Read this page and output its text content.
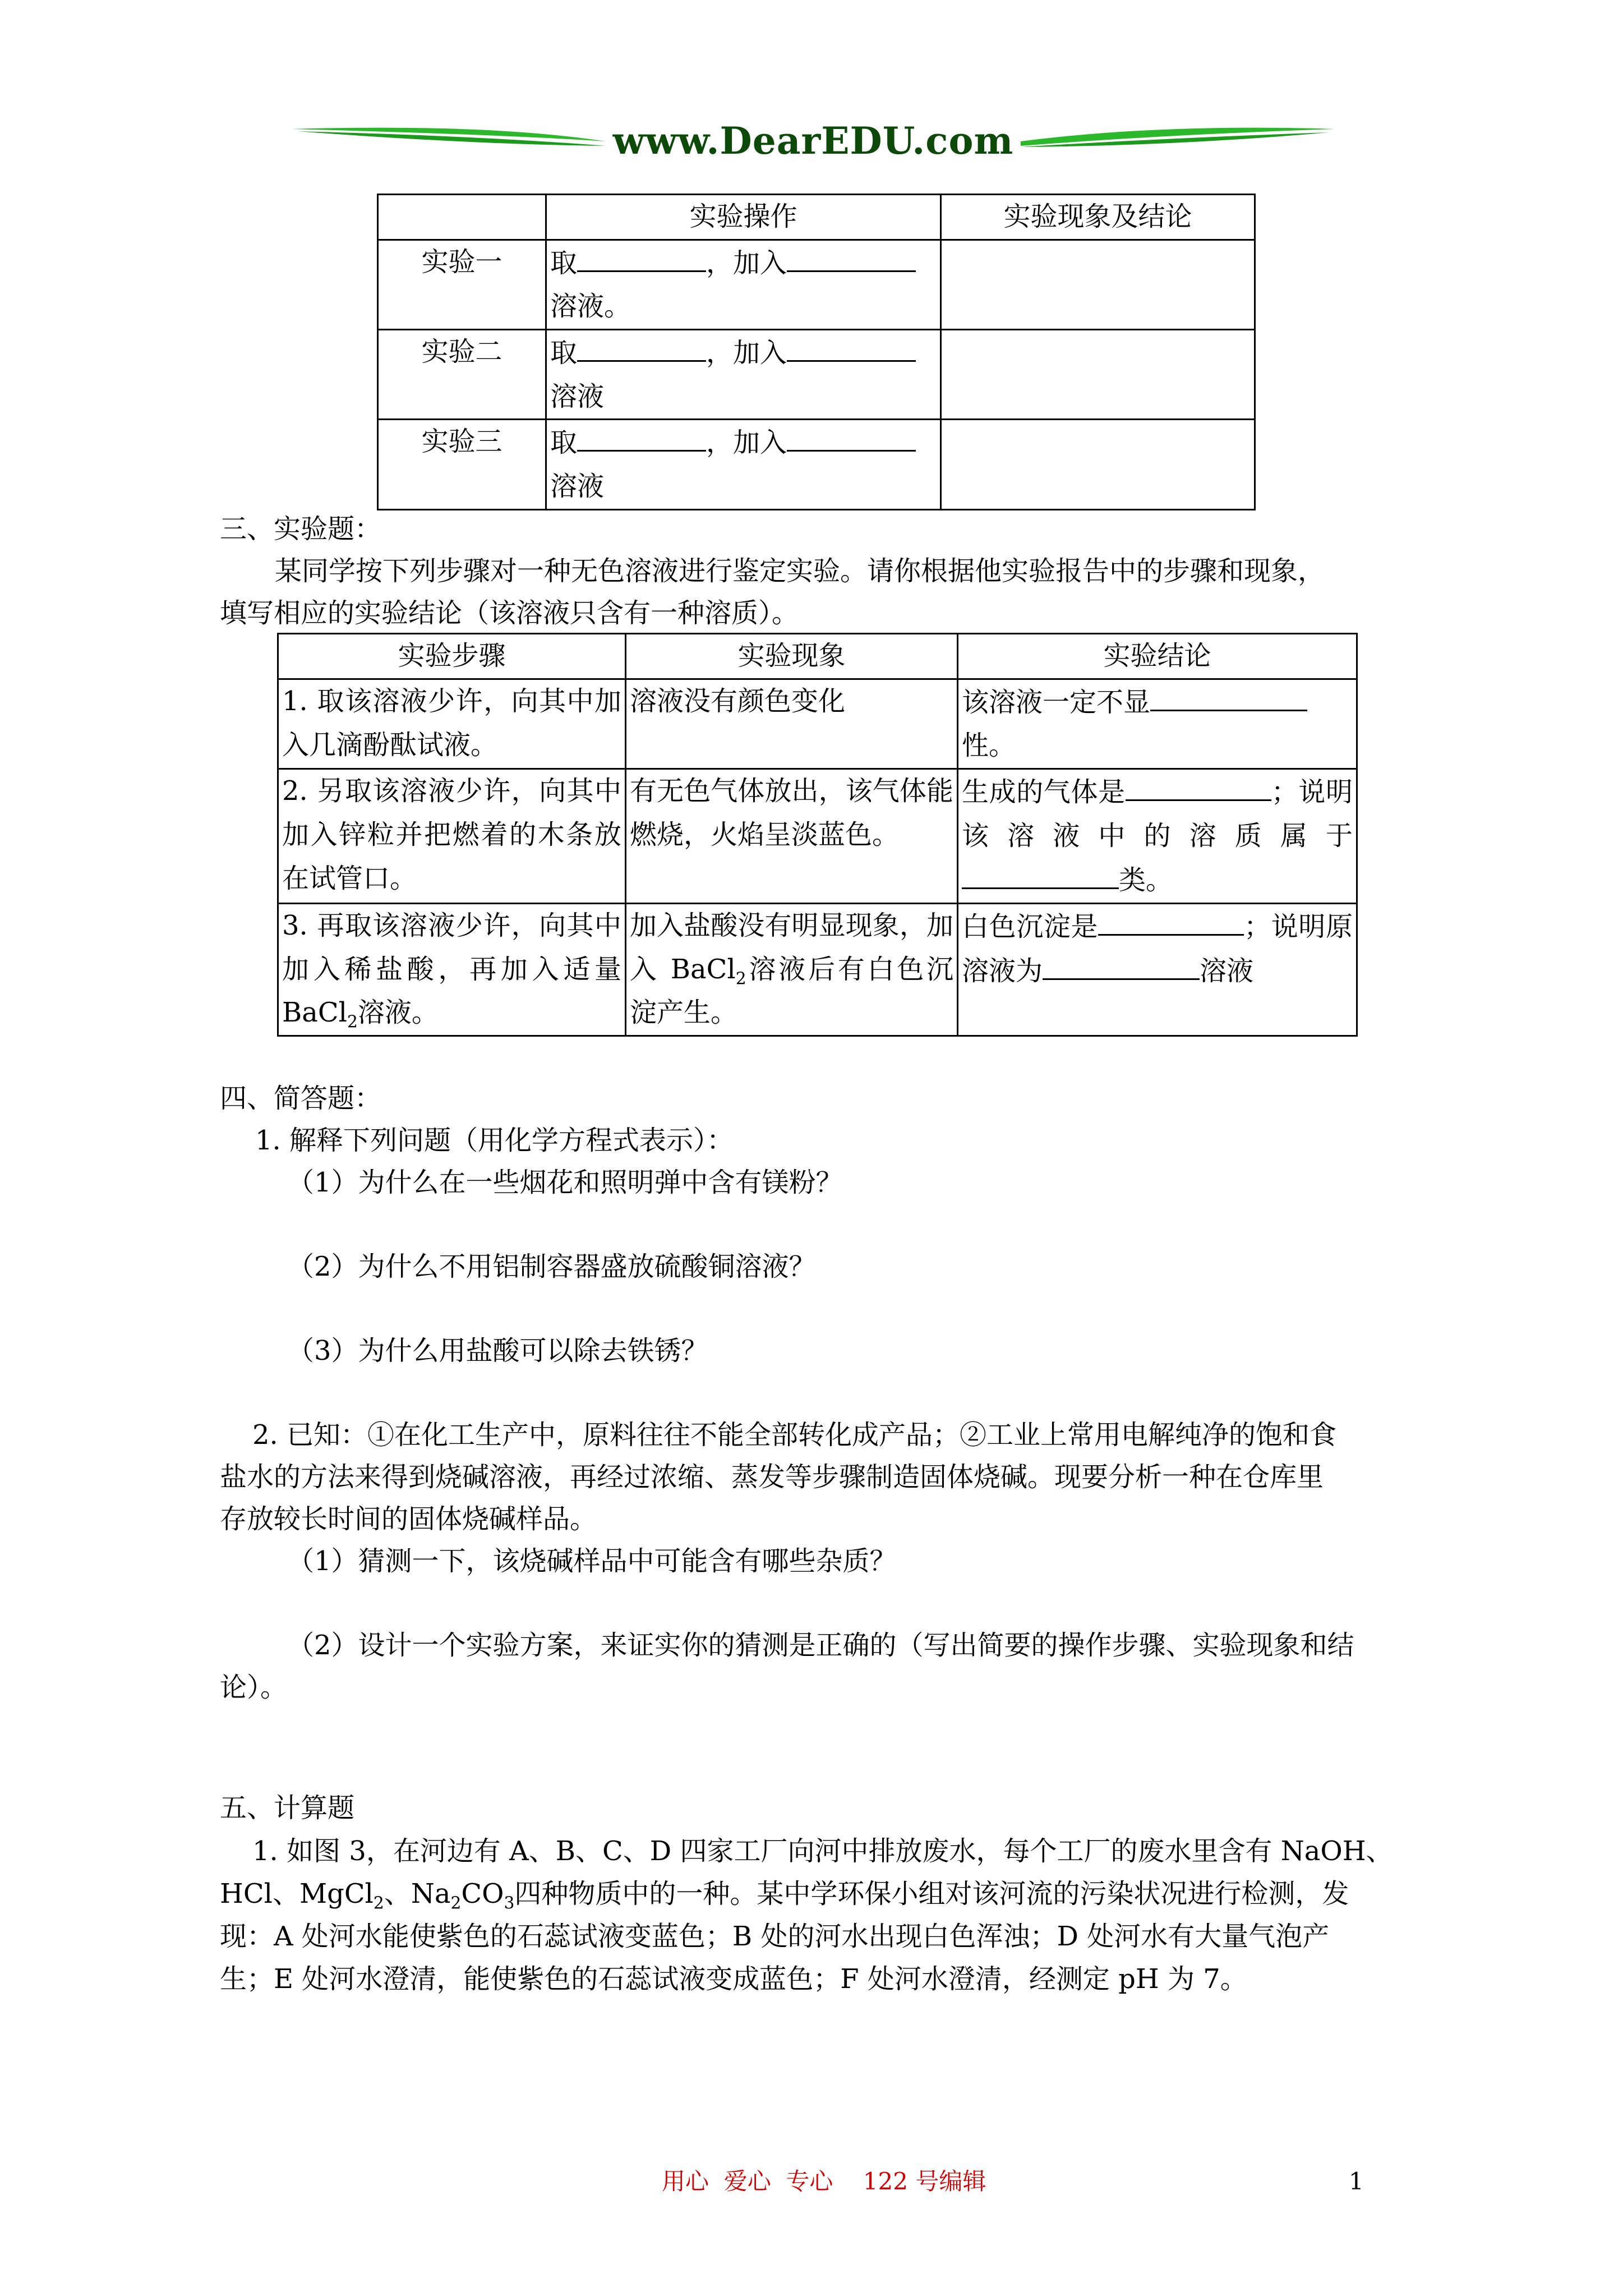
www.DearEDU.com
	实验操作	实验现象及结论
实验一	取 ，加入
溶液。	
实验二	取 ，加入
溶液	
实验三	取 ，加入
溶液	
三、实验题：
某同学按下列步骤对一种无色溶液进行鉴定实验。请你根据他实验报告中的步骤和现象，
填写相应的实验结论（该溶液只含有一种溶质）。
实验步骤	实验现象	实验结论
1. 取该溶液少许，向其中加入几滴酚酞试液。	溶液没有颜色变化	该溶液一定不显性。
2. 另取该溶液少许，向其中加入锌粒并把燃着的木条放在试管口。	有无色气体放出，该气体能燃烧，火焰呈淡蓝色。	生成的气体是 ；说明该溶液中的溶质属于类。
3. 再取该溶液少许，向其中加入稀盐酸，再加入适量BaCl$_2$溶液。	加入盐酸没有明显现象，加入 BaCl$_2$溶液后有白色沉淀产生。	白色沉淀是 ；说明原溶液为 溶液
四、简答题：
1. 解释下列问题（用化学方程式表示）：
（1）为什么在一些烟花和照明弹中含有镁粉？
（2）为什么不用铝制容器盛放硫酸铜溶液？
（3）为什么用盐酸可以除去铁锈？
2. 已知：①在化工生产中，原料往往不能全部转化成产品；②工业上常用电解纯净的饱和食
盐水的方法来得到烧碱溶液，再经过浓缩、蒸发等步骤制造固体烧碱。现要分析一种在仓库里
存放较长时间的固体烧碱样品。
（1）猜测一下，该烧碱样品中可能含有哪些杂质？
（2）设计一个实验方案，来证实你的猜测是正确的（写出简要的操作步骤、实验现象和结
论）。
五、计算题
1. 如图 3，在河边有 A、B、C、D 四家工厂向河中排放废水，每个工厂的废水里含有 NaOH、
HCl、MgCl$_2$、$Na_2CO_3$四种物质中的一种。某中学环保小组对该河流的污染状况进行检测，发
现：A 处河水能使紫色的石蕊试液变蓝色；B 处的河水出现白色浑浊；D 处河水有大量气泡产
生；E 处河水澄清，能使紫色的石蕊试液变成蓝色；F 处河水澄清，经测定 pH 为 7。
用心  爱心  专心    122 号编辑	1
